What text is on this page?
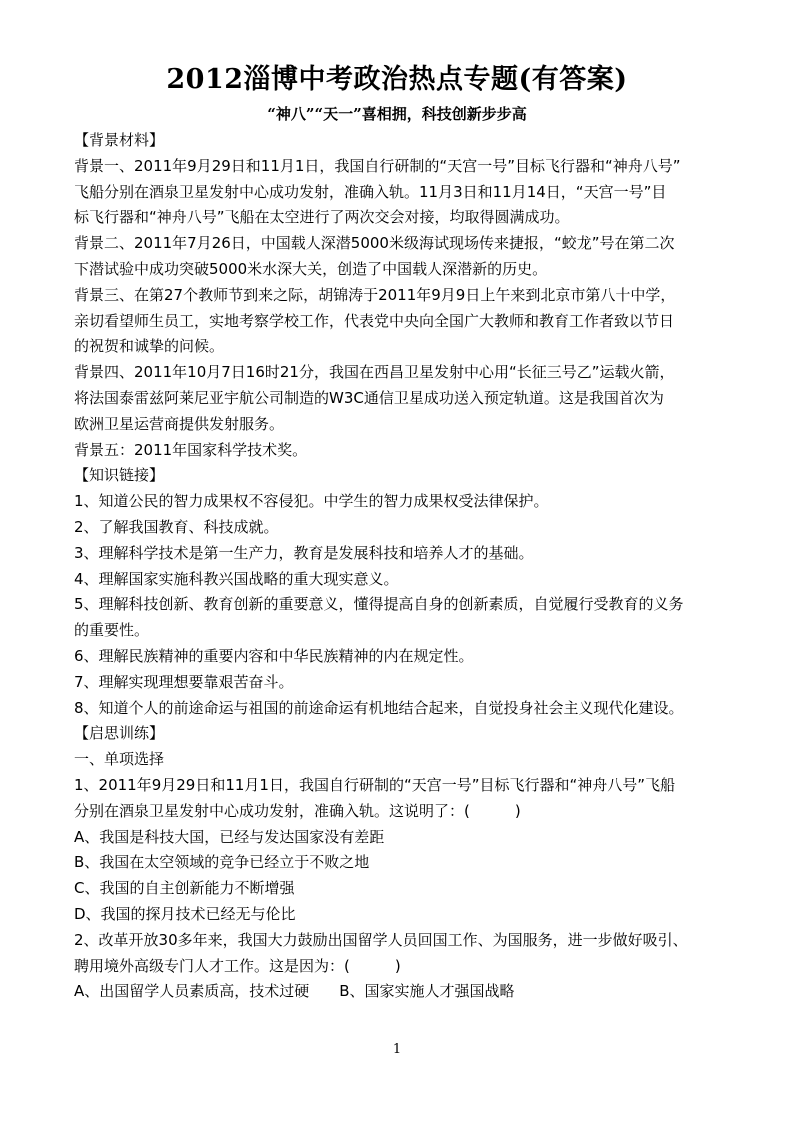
2012淄博中考政治热点专题(有答案)
“神八”“天一”喜相拥，科技创新步步高
【背景材料】
背景一、2011年9月29日和11月1日，我国自行研制的“天宫一号”目标飞行器和“神舟八号”
飞船分别在酒泉卫星发射中心成功发射，准确入轨。11月3日和11月14日，“天宫一号”目
标飞行器和“神舟八号”飞船在太空进行了两次交会对接，均取得圆满成功。
背景二、2011年7月26日，中国载人深潜5000米级海试现场传来捷报，“蛟龙”号在第二次
下潜试验中成功突破5000米水深大关，创造了中国载人深潜新的历史。
背景三、在第27个教师节到来之际，胡锦涛于2011年9月9日上午来到北京市第八十中学，
亲切看望师生员工，实地考察学校工作，代表党中央向全国广大教师和教育工作者致以节日
的祝贺和诚挚的问候。
背景四、2011年10月7日16时21分，我国在西昌卫星发射中心用“长征三号乙”运载火箭，
将法国泰雷兹阿莱尼亚宇航公司制造的W3C通信卫星成功送入预定轨道。这是我国首次为
欧洲卫星运营商提供发射服务。
背景五：2011年国家科学技术奖。
【知识链接】
1、知道公民的智力成果权不容侵犯。中学生的智力成果权受法律保护。
2、了解我国教育、科技成就。
3、理解科学技术是第一生产力，教育是发展科技和培养人才的基础。
4、理解国家实施科教兴国战略的重大现实意义。
5、理解科技创新、教育创新的重要意义，懂得提高自身的创新素质，自觉履行受教育的义务
的重要性。
6、理解民族精神的重要内容和中华民族精神的内在规定性。
7、理解实现理想要靠艰苦奋斗。
8、知道个人的前途命运与祖国的前途命运有机地结合起来，自觉投身社会主义现代化建设。
【启思训练】
一、单项选择
1、2011年9月29日和11月1日，我国自行研制的“天宫一号”目标飞行器和“神舟八号”飞船
分别在酒泉卫星发射中心成功发射，准确入轨。这说明了：(　　　)
A、我国是科技大国，已经与发达国家没有差距
B、我国在太空领域的竞争已经立于不败之地
C、我国的自主创新能力不断增强
D、我国的探月技术已经无与伦比
2、改革开放30多年来，我国大力鼓励出国留学人员回国工作、为国服务，进一步做好吸引、
聘用境外高级专门人才工作。这是因为：(　　　)
A、出国留学人员素质高，技术过硬　　B、国家实施人才强国战略
1
